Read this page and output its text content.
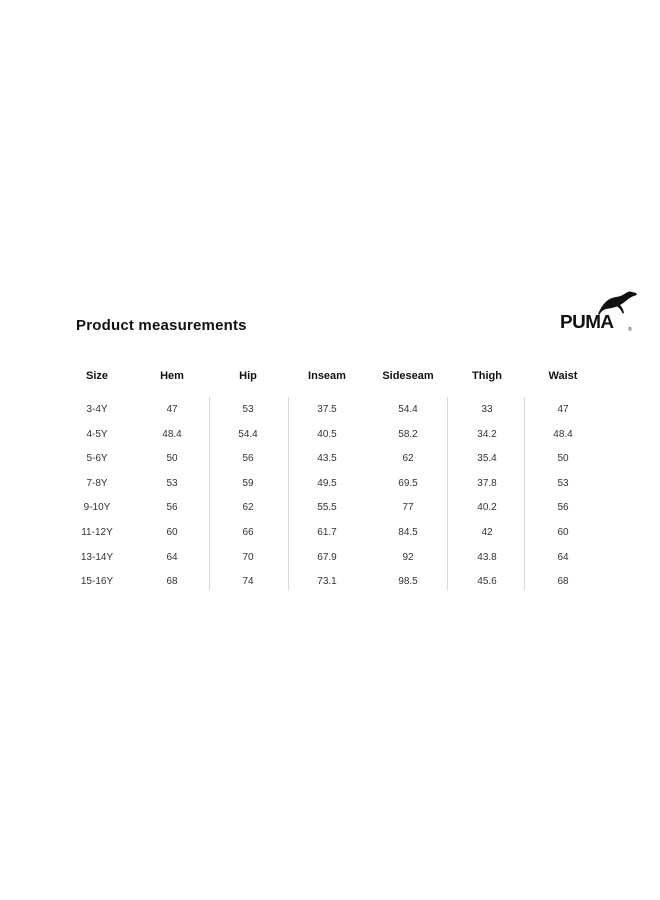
Product measurements	PUMA	®
Size	Hem	Hip	Inseam	Sideseam	Thigh	Waist
3-4Y	47	53	37.5	54.4	33	47
4-5Y	48.4	54.4	40.5	58.2	34.2	48.4
5-6Y	50	56	43.5	62	35.4	50
7-8Y	53	59	49.5	69.5	37.8	53
9-10Y	56	62	55.5	77	40.2	56
11-12Y	60	66	61.7	84.5	42	60
13-14Y	64	70	67.9	92	43.8	64
15-16Y	68	74	73.1	98.5	45.6	68
